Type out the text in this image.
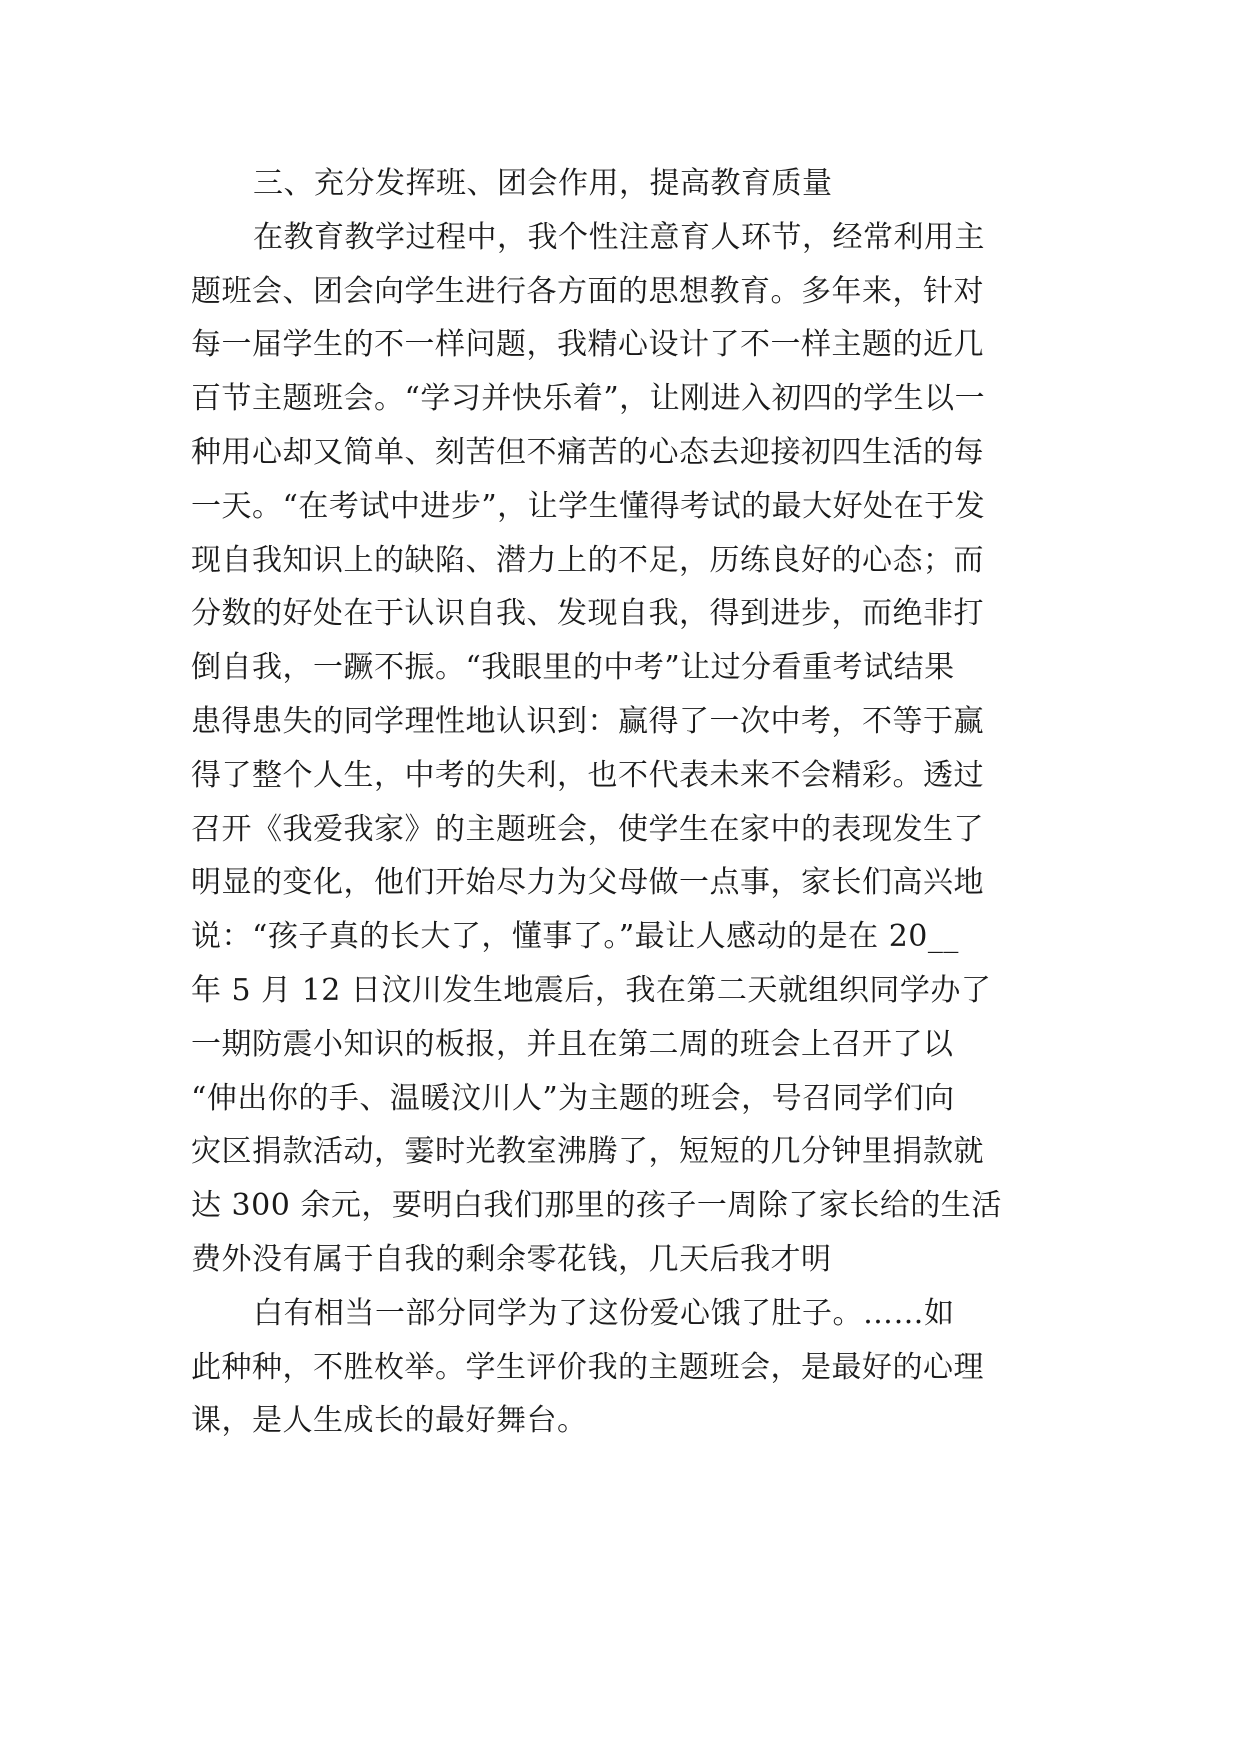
三、充分发挥班、团会作用，提高教育质量
在教育教学过程中，我个性注意育人环节，经常利用主
题班会、团会向学生进行各方面的思想教育。多年来，针对
每一届学生的不一样问题，我精心设计了不一样主题的近几
百节主题班会。“学习并快乐着”，让刚进入初四的学生以一
种用心却又简单、刻苦但不痛苦的心态去迎接初四生活的每
一天。“在考试中进步”，让学生懂得考试的最大好处在于发
现自我知识上的缺陷、潜力上的不足，历练良好的心态；而
分数的好处在于认识自我、发现自我，得到进步，而绝非打
倒自我，一蹶不振。“我眼里的中考”让过分看重考试结果
患得患失的同学理性地认识到：赢得了一次中考，不等于赢
得了整个人生，中考的失利，也不代表未来不会精彩。透过
召开《我爱我家》的主题班会，使学生在家中的表现发生了
明显的变化，他们开始尽力为父母做一点事，家长们高兴地
说：“孩子真的长大了，懂事了。”最让人感动的是在 20__
年 5 月 12 日汶川发生地震后，我在第二天就组织同学办了
一期防震小知识的板报，并且在第二周的班会上召开了以
“伸出你的手、温暖汶川人”为主题的班会，号召同学们向
灾区捐款活动，霎时光教室沸腾了，短短的几分钟里捐款就
达 300 余元，要明白我们那里的孩子一周除了家长给的生活
费外没有属于自我的剩余零花钱，几天后我才明
白有相当一部分同学为了这份爱心饿了肚子。……如
此种种，不胜枚举。学生评价我的主题班会，是最好的心理
课，是人生成长的最好舞台。
